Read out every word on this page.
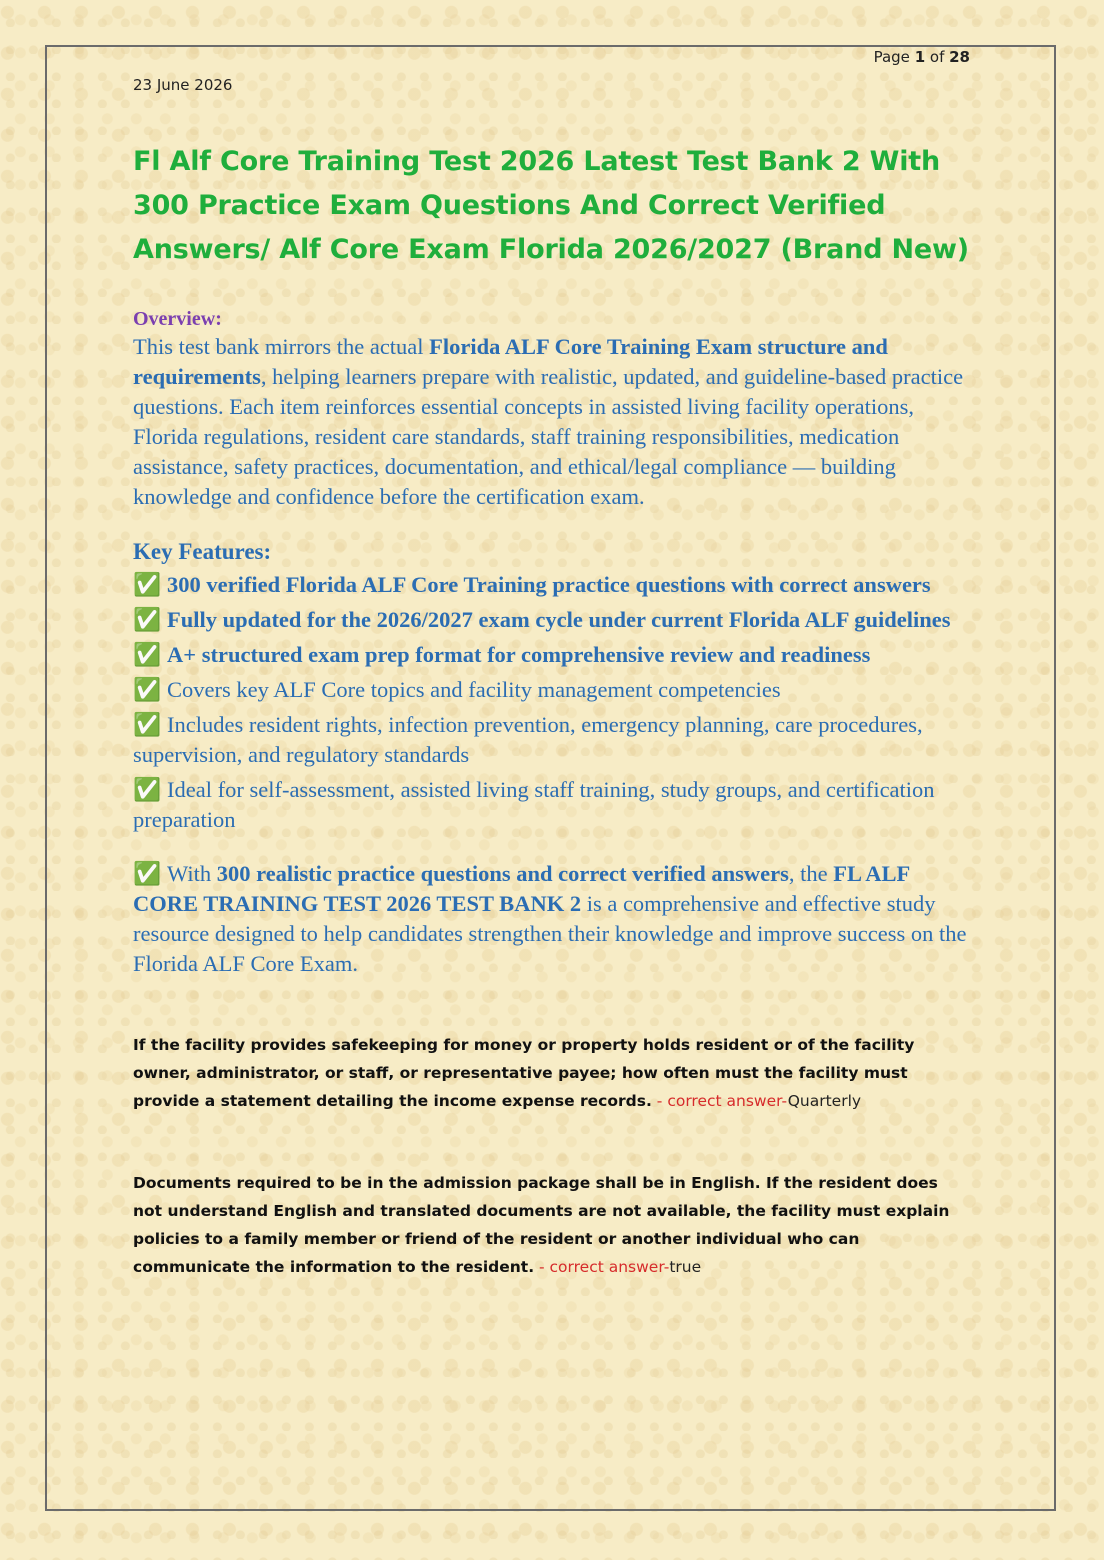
Page 1 of 28
23 June 2026
Fl Alf Core Training Test 2026 Latest Test Bank 2 With 300 Practice Exam Questions And Correct Verified Answers/ Alf Core Exam Florida 2026/2027 (Brand New)
Overview:

This test bank mirrors the actual Florida ALF Core Training Exam structure and requirements, helping learners prepare with realistic, updated, and guideline-based practice questions. Each item reinforces essential concepts in assisted living facility operations, Florida regulations, resident care standards, staff training responsibilities, medication assistance, safety practices, documentation, and ethical/legal compliance — building knowledge and confidence before the certification exam.

Key Features:
✅ 300 verified Florida ALF Core Training practice questions with correct answers
✅ Fully updated for the 2026/2027 exam cycle under current Florida ALF guidelines
✅ A+ structured exam prep format for comprehensive review and readiness
✅ Covers key ALF Core topics and facility management competencies
✅ Includes resident rights, infection prevention, emergency planning, care procedures, supervision, and regulatory standards
✅ Ideal for self-assessment, assisted living staff training, study groups, and certification preparation
✅ With 300 realistic practice questions and correct verified answers, the FL ALF CORE TRAINING TEST 2026 TEST BANK 2 is a comprehensive and effective study resource designed to help candidates strengthen their knowledge and improve success on the Florida ALF Core Exam.
If the facility provides safekeeping for money or property holds resident or of the facility owner, administrator, or staff, or representative payee; how often must the facility must provide a statement detailing the income expense records. - correct answer-Quarterly
Documents required to be in the admission package shall be in English. If the resident does not understand English and translated documents are not available, the facility must explain policies to a family member or friend of the resident or another individual who can communicate the information to the resident. - correct answer-true
